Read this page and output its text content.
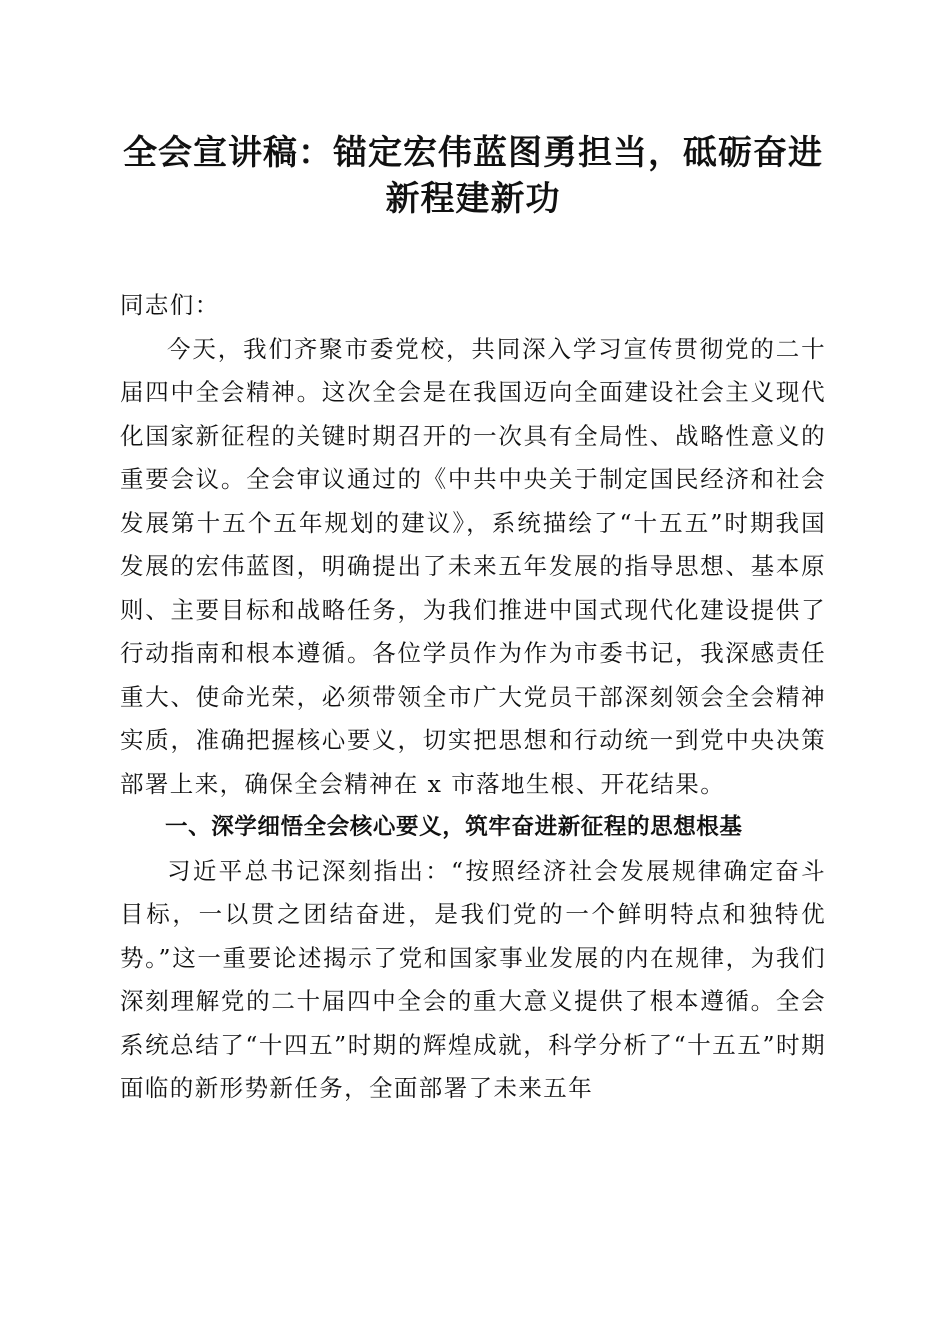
全会宣讲稿：锚定宏伟蓝图勇担当，砥砺奋进
新程建新功

同志们：

今天，我们齐聚市委党校，共同深入学习宣传贯彻党的二十届四中全会精神。这次全会是在我国迈向全面建设社会主义现代化国家新征程的关键时期召开的一次具有全局性、战略性意义的重要会议。全会审议通过的《中共中央关于制定国民经济和社会发展第十五个五年规划的建议》，系统描绘了“十五五”时期我国发展的宏伟蓝图，明确提出了未来五年发展的指导思想、基本原则、主要目标和战略任务，为我们推进中国式现代化建设提供了行动指南和根本遵循。各位学员作为作为市委书记，我深感责任重大、使命光荣，必须带领全市广大党员干部深刻领会全会精神实质，准确把握核心要义，切实把思想和行动统一到党中央决策部署上来，确保全会精神在 x 市落地生根、开花结果。

一、深学细悟全会核心要义，筑牢奋进新征程的思想根基

习近平总书记深刻指出：“按照经济社会发展规律确定奋斗目标，一以贯之团结奋进，是我们党的一个鲜明特点和独特优势。”这一重要论述揭示了党和国家事业发展的内在规律，为我们深刻理解党的二十届四中全会的重大意义提供了根本遵循。全会系统总结了“十四五”时期的辉煌成就，科学分析了“十五五”时期面临的新形势新任务，全面部署了未来五年
